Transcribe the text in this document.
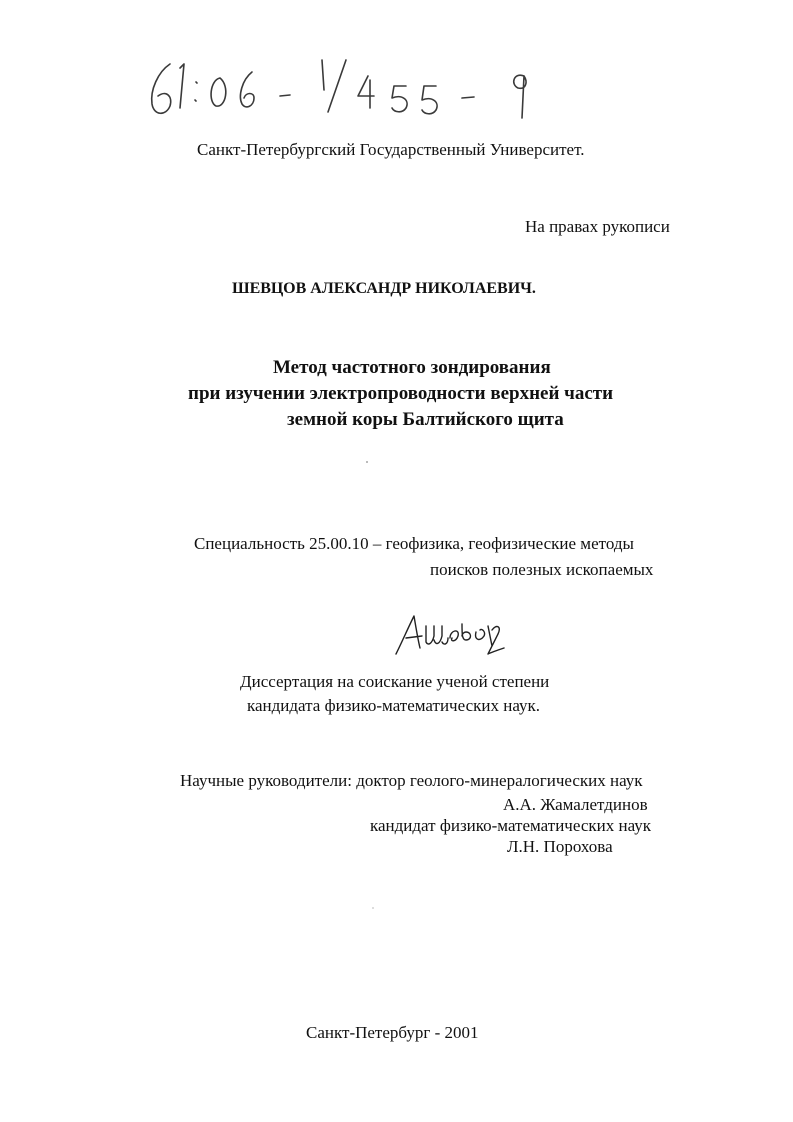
Санкт-Петербургский Государственный Университет.
На правах рукописи
ШЕВЦОВ АЛЕКСАНДР НИКОЛАЕВИЧ.
Метод частотного зондирования
при изучении электропроводности верхней части
земной коры Балтийского щита
Специальность 25.00.10 – геофизика, геофизические методы
поисков полезных ископаемых
Диссертация на соискание ученой степени
кандидата физико-математических наук.
Научные руководители: доктор геолого-минералогических наук
А.А. Жамалетдинов
кандидат физико-математических наук
Л.Н. Порохова
Санкт-Петербург - 2001
